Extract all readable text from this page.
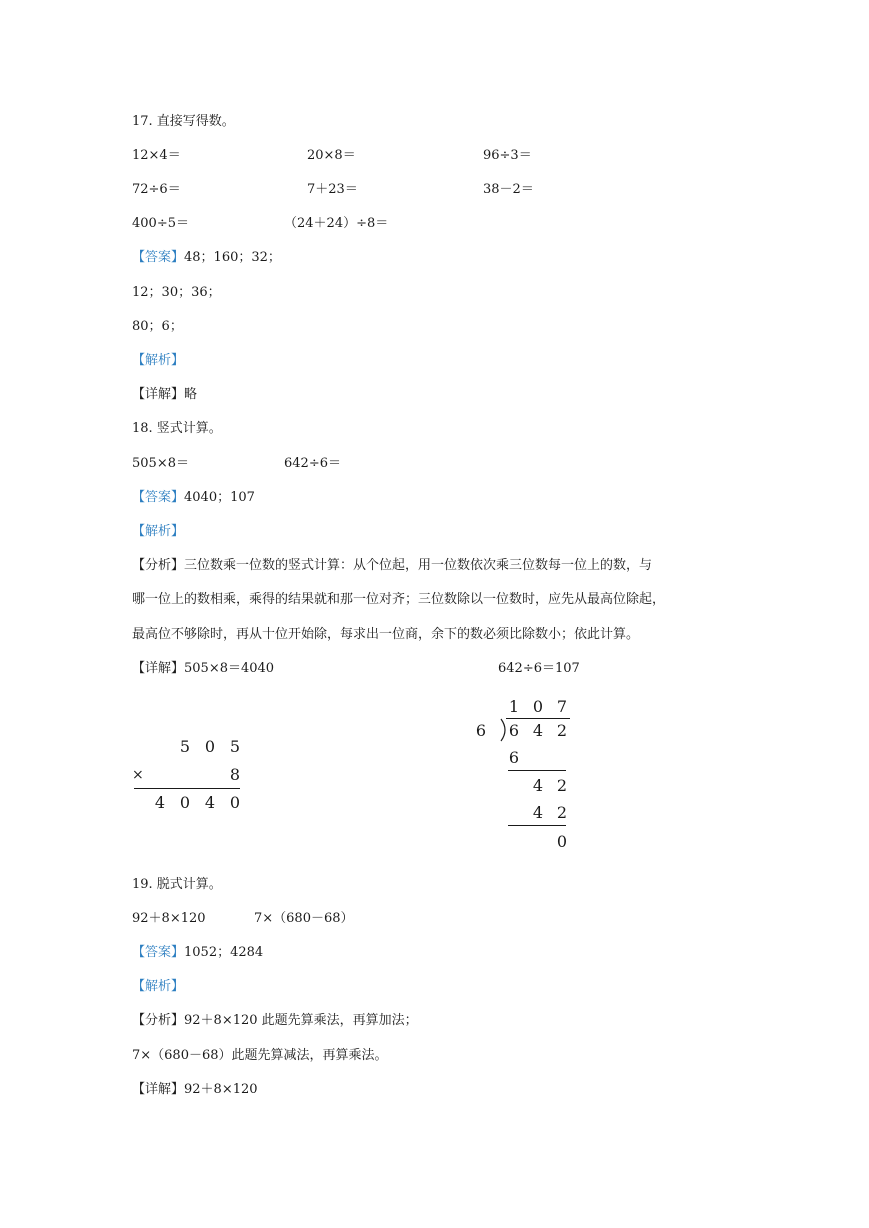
17. 直接写得数。
12×4＝	20×8＝	96÷3＝
72÷6＝	7＋23＝	38－2＝
400÷5＝	（24＋24）÷8＝
【答案】48；160；32；
12；30；36；
80；6；
【解析】
【详解】略
18. 竖式计算。
505×8＝	642÷6＝
【答案】4040；107
【解析】
【分析】三位数乘一位数的竖式计算：从个位起，用一位数依次乘三位数每一位上的数，与
哪一位上的数相乘，乘得的结果就和那一位对齐；三位数除以一位数时，应先从最高位除起，
最高位不够除时，再从十位开始除，每求出一位商，余下的数必须比除数小；依此计算。
【详解】505×8＝4040	642÷6＝107
5 0 5
×	8
4 0 4 0
1 0 7
6 6 4 2
6
4 2
4 2
0
19. 脱式计算。
92＋8×120	7×（680－68）
【答案】1052；4284
【解析】
【分析】92＋8×120 此题先算乘法，再算加法；
7×（680－68）此题先算减法，再算乘法。
【详解】92＋8×120
